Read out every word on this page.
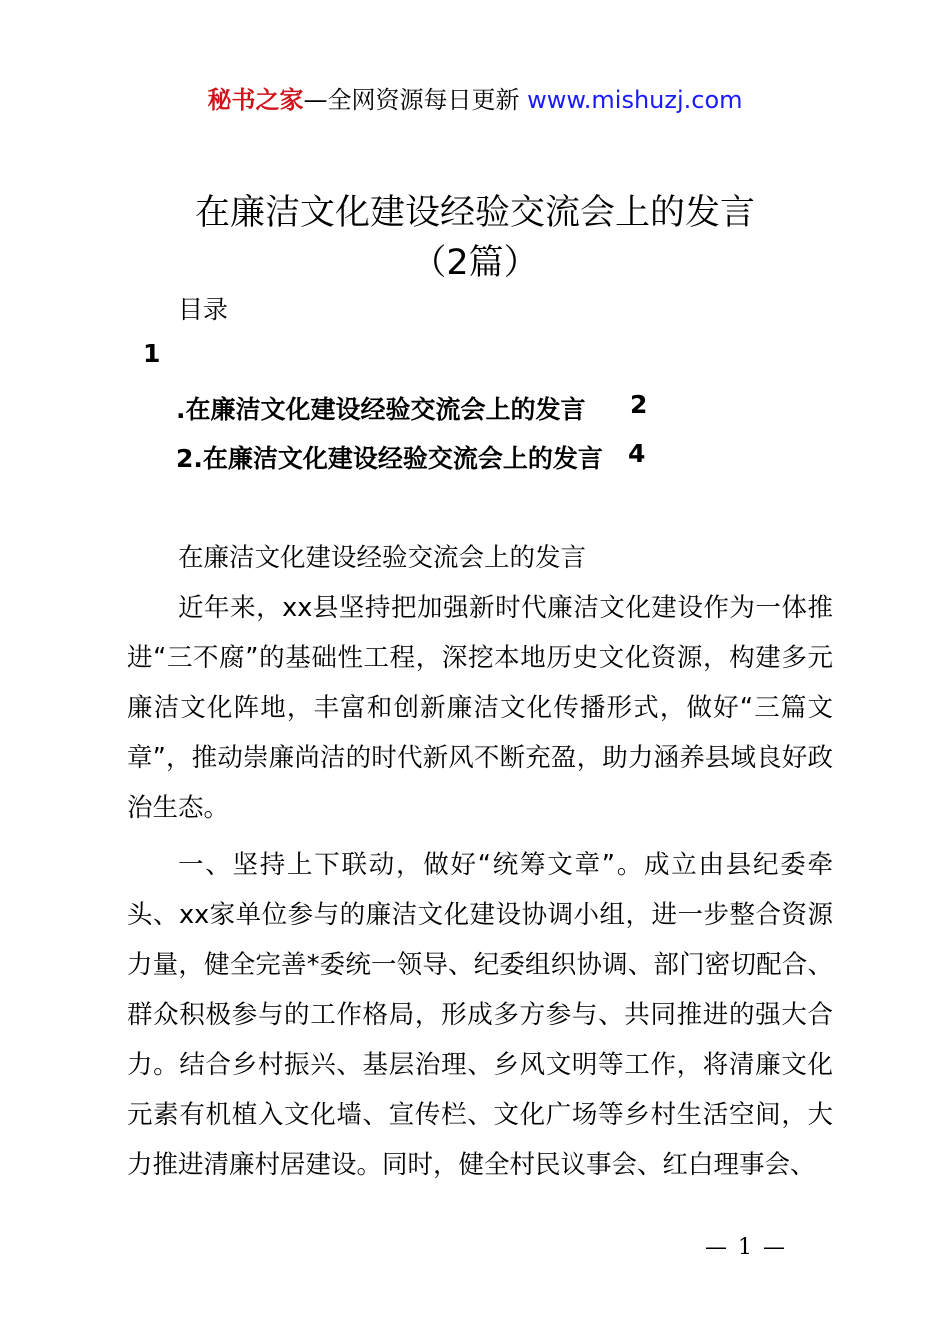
秘书之家—全网资源每日更新 www.mishuzj.com
在廉洁文化建设经验交流会上的发言
（2篇）
目录
1
.在廉洁文化建设经验交流会上的发言 2
2.在廉洁文化建设经验交流会上的发言 4

在廉洁文化建设经验交流会上的发言

近年来，xx县坚持把加强新时代廉洁文化建设作为一体推进“三不腐”的基础性工程，深挖本地历史文化资源，构建多元廉洁文化阵地，丰富和创新廉洁文化传播形式，做好“三篇文章”，推动崇廉尚洁的时代新风不断充盈，助力涵养县域良好政治生态。

一、坚持上下联动，做好“统筹文章”。成立由县纪委牵头、xx家单位参与的廉洁文化建设协调小组，进一步整合资源力量，健全完善*委统一领导、纪委组织协调、部门密切配合、群众积极参与的工作格局，形成多方参与、共同推进的强大合力。结合乡村振兴、基层治理、乡风文明等工作，将清廉文化元素有机植入文化墙、宣传栏、文化广场等乡村生活空间，大力推进清廉村居建设。同时，健全村民议事会、红白理事会、

— 1 —
